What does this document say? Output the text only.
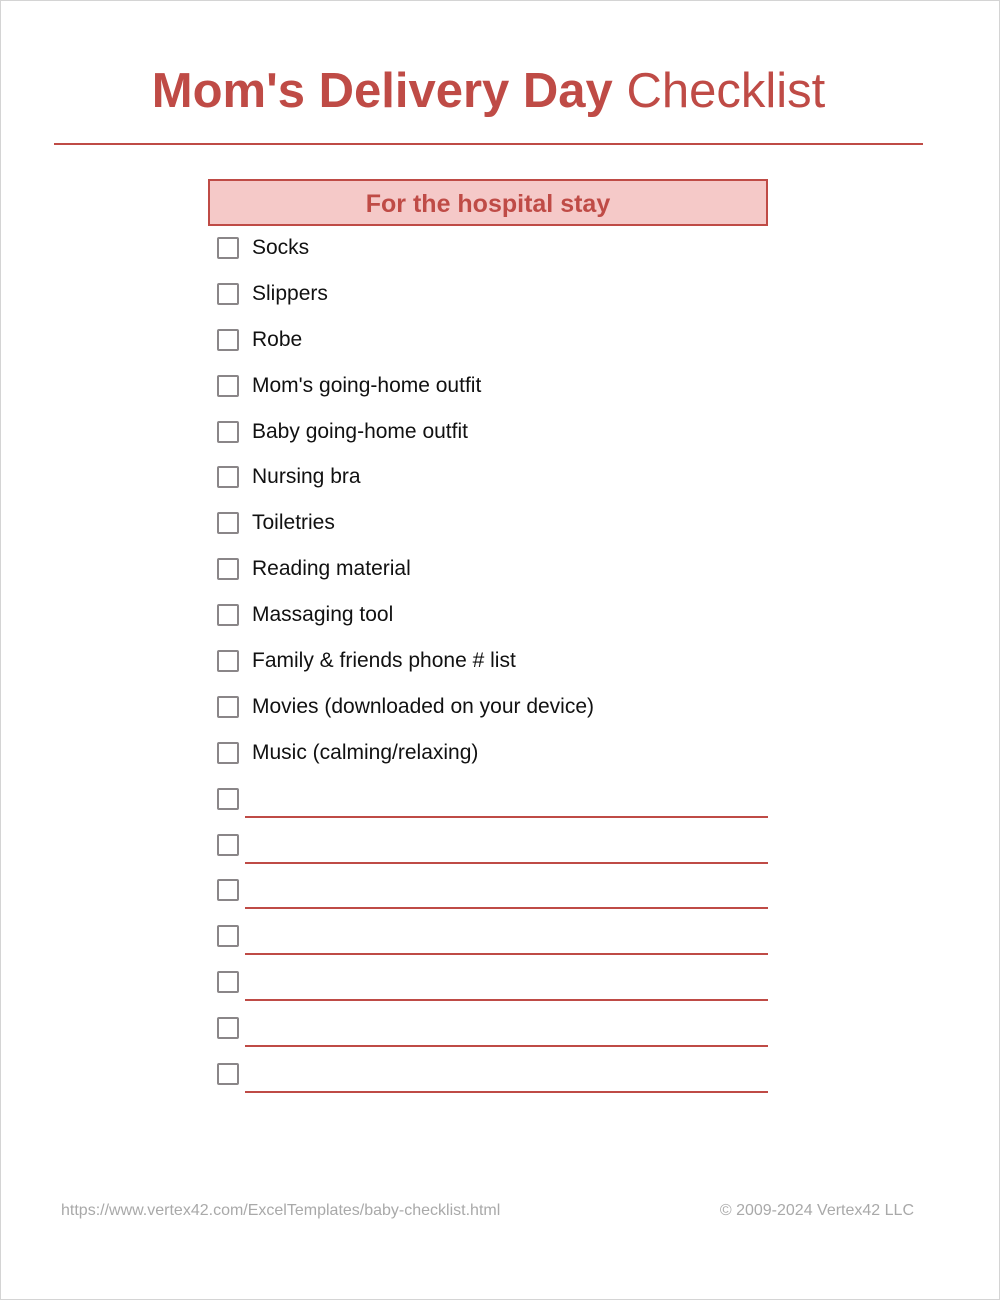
Mom's Delivery Day Checklist
For the hospital stay
Socks
Slippers
Robe
Mom's going-home outfit
Baby going-home outfit
Nursing bra
Toiletries
Reading material
Massaging tool
Family & friends phone # list
Movies (downloaded on your device)
Music (calming/relaxing)
https://www.vertex42.com/ExcelTemplates/baby-checklist.html	© 2009-2024 Vertex42 LLC
